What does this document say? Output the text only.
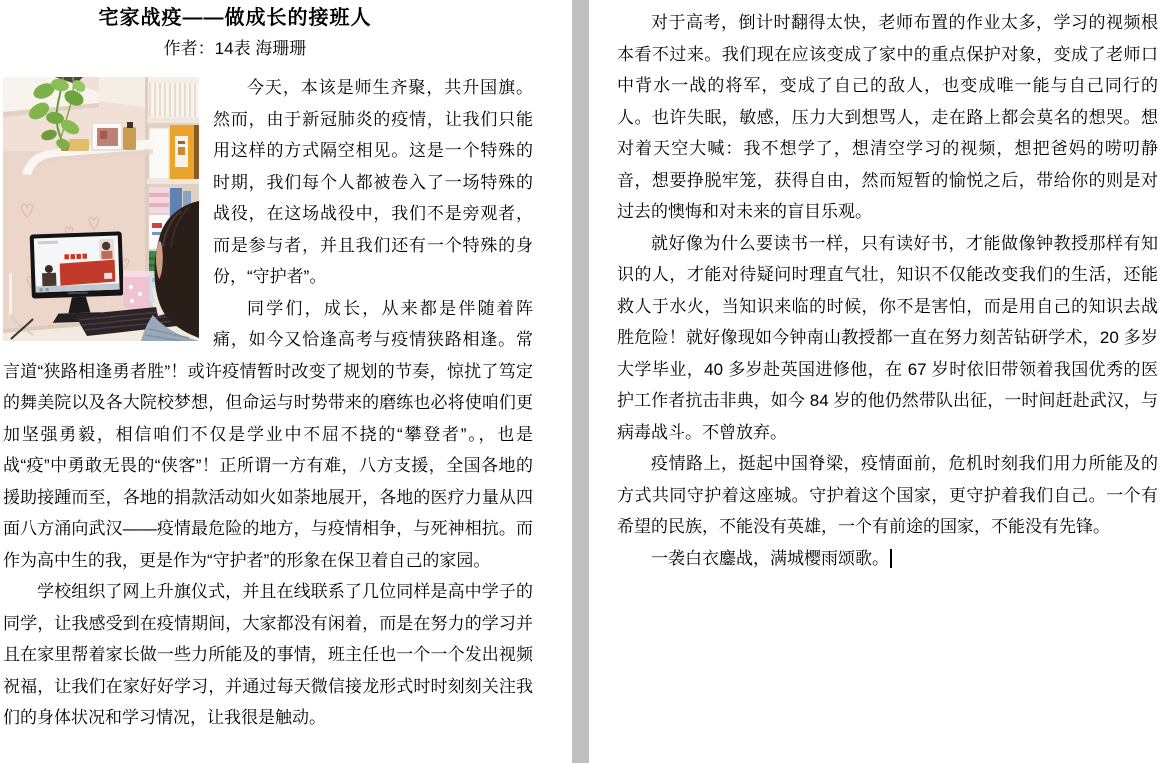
宅家战疫——做成长的接班人
作者：14表 海珊珊

今天，本该是师生齐聚，共升国旗。然而，由于新冠肺炎的疫情，让我们只能用这样的方式隔空相见。这是一个特殊的时期，我们每个人都被卷入了一场特殊的战役，在这场战役中，我们不是旁观者，而是参与者，并且我们还有一个特殊的身份，“守护者”。

同学们，成长，从来都是伴随着阵痛，如今又恰逢高考与疫情狭路相逢。常言道“狭路相逢勇者胜”！或许疫情暂时改变了规划的节奏，惊扰了笃定的舞美院以及各大院校梦想，但命运与时势带来的磨练也必将使咱们更加坚强勇毅，相信咱们不仅是学业中不屈不挠的“攀登者”。，也是战“疫”中勇敢无畏的“侠客”！正所谓一方有难，八方支援，全国各地的援助接踵而至，各地的捐款活动如火如荼地展开，各地的医疗力量从四面八方涌向武汉——疫情最危险的地方，与疫情相争，与死神相抗。而作为高中生的我，更是作为“守护者”的形象在保卫着自己的家园。

学校组织了网上升旗仪式，并且在线联系了几位同样是高中学子的同学，让我感受到在疫情期间，大家都没有闲着，而是在努力的学习并且在家里帮着家长做一些力所能及的事情，班主任也一个一个发出视频祝福，让我们在家好好学习，并通过每天微信接龙形式时时刻刻关注我们的身体状况和学习情况，让我很是触动。

对于高考，倒计时翻得太快，老师布置的作业太多，学习的视频根本看不过来。我们现在应该变成了家中的重点保护对象，变成了老师口中背水一战的将军，变成了自己的敌人，也变成唯一能与自己同行的人。也许失眠，敏感，压力大到想骂人，走在路上都会莫名的想哭。想对着天空大喊：我不想学了，想清空学习的视频，想把爸妈的唠叨静音，想要挣脱牢笼，获得自由，然而短暂的愉悦之后，带给你的则是对过去的懊悔和对未来的盲目乐观。

就好像为什么要读书一样，只有读好书，才能做像钟教授那样有知识的人，才能对待疑问时理直气壮，知识不仅能改变我们的生活，还能救人于水火，当知识来临的时候，你不是害怕，而是用自己的知识去战胜危险！就好像现如今钟南山教授都一直在努力刻苦钻研学术，20 多岁大学毕业，40 多岁赴英国进修他，在 67 岁时依旧带领着我国优秀的医护工作者抗击非典，如今 84 岁的他仍然带队出征，一时间赶赴武汉，与病毒战斗。不曾放弃。

疫情路上，挺起中国脊梁，疫情面前，危机时刻我们用力所能及的方式共同守护着这座城。守护着这个国家，更守护着我们自己。一个有希望的民族，不能没有英雄，一个有前途的国家，不能没有先锋。

一袭白衣鏖战，满城樱雨颂歌。
